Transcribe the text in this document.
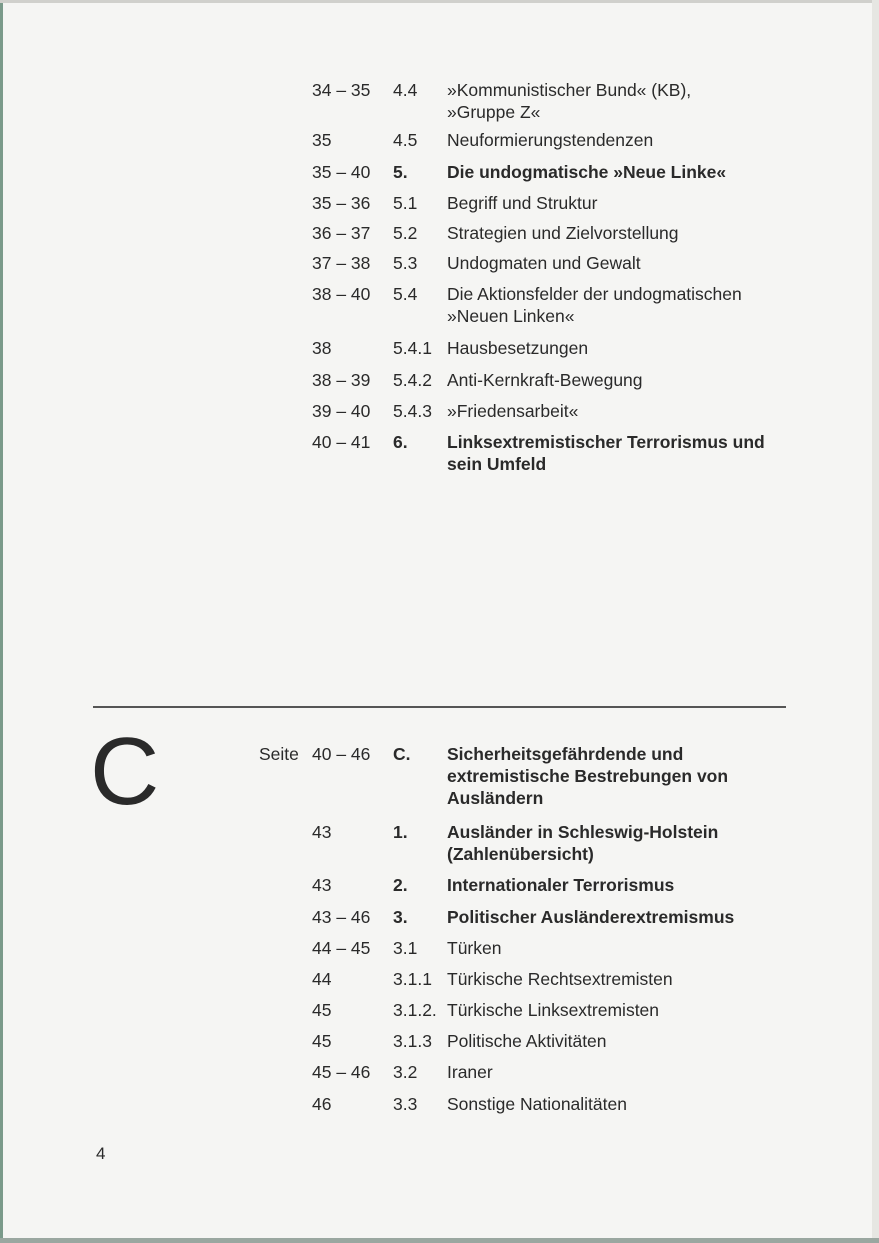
34 – 35 4.4 »Kommunistischer Bund« (KB), »Gruppe Z«
35	4.5 Neuformierungstendenzen
35 – 40 5. Die undogmatische »Neue Linke«
35 – 36 5.1 Begriff und Struktur
36 – 37 5.2 Strategien und Zielvorstellung
37 – 38 5.3 Undogmaten und Gewalt
38 – 40 5.4 Die Aktionsfelder der undogmatischen »Neuen Linken«
38	5.4.1 Hausbesetzungen
38 – 39 5.4.2 Anti-Kernkraft-Bewegung
39 – 40 5.4.3 »Friedensarbeit«
40 – 41 6. Linksextremistischer Terrorismus und sein Umfeld
C	Seite 40 – 46 C. Sicherheitsgefährdende und extremistische Bestrebungen von Ausländern
43	1. Ausländer in Schleswig-Holstein (Zahlenübersicht)
43	2. Internationaler Terrorismus
43 – 46 3. Politischer Ausländerextremismus
44 – 45 3.1 Türken
44	3.1.1 Türkische Rechtsextremisten
45	3.1.2. Türkische Linksextremisten
45	3.1.3 Politische Aktivitäten
45 – 46 3.2 Iraner
46	3.3 Sonstige Nationalitäten
4
